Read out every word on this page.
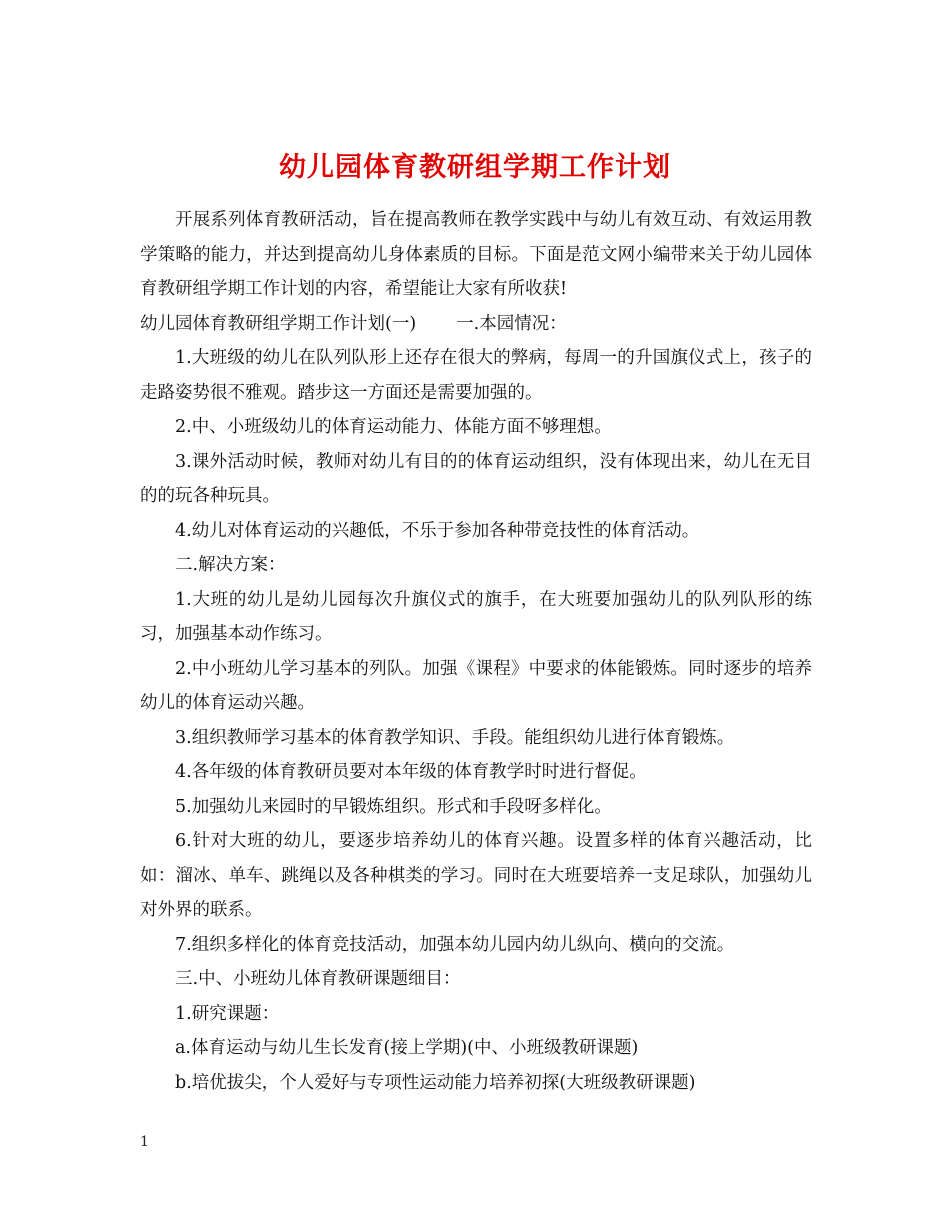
幼儿园体育教研组学期工作计划

开展系列体育教研活动，旨在提高教师在教学实践中与幼儿有效互动、有效运用教学策略的能力，并达到提高幼儿身体素质的目标。下面是范文网小编带来关于幼儿园体育教研组学期工作计划的内容，希望能让大家有所收获!

幼儿园体育教研组学期工作计划(一) 一.本园情况：

1.大班级的幼儿在队列队形上还存在很大的弊病，每周一的升国旗仪式上，孩子的走路姿势很不雅观。踏步这一方面还是需要加强的。

2.中、小班级幼儿的体育运动能力、体能方面不够理想。

3.课外活动时候，教师对幼儿有目的的体育运动组织，没有体现出来，幼儿在无目的的玩各种玩具。

4.幼儿对体育运动的兴趣低，不乐于参加各种带竞技性的体育活动。

二.解决方案：

1.大班的幼儿是幼儿园每次升旗仪式的旗手，在大班要加强幼儿的队列队形的练习，加强基本动作练习。

2.中小班幼儿学习基本的列队。加强《课程》中要求的体能锻炼。同时逐步的培养幼儿的体育运动兴趣。

3.组织教师学习基本的体育教学知识、手段。能组织幼儿进行体育锻炼。

4.各年级的体育教研员要对本年级的体育教学时时进行督促。

5.加强幼儿来园时的早锻炼组织。形式和手段呀多样化。

6.针对大班的幼儿，要逐步培养幼儿的体育兴趣。设置多样的体育兴趣活动，比如：溜冰、单车、跳绳以及各种棋类的学习。同时在大班要培养一支足球队，加强幼儿对外界的联系。

7.组织多样化的体育竞技活动，加强本幼儿园内幼儿纵向、横向的交流。

三.中、小班幼儿体育教研课题细目：

1.研究课题：

a.体育运动与幼儿生长发育(接上学期)(中、小班级教研课题)

b.培优拔尖，个人爱好与专项性运动能力培养初探(大班级教研课题)

1
